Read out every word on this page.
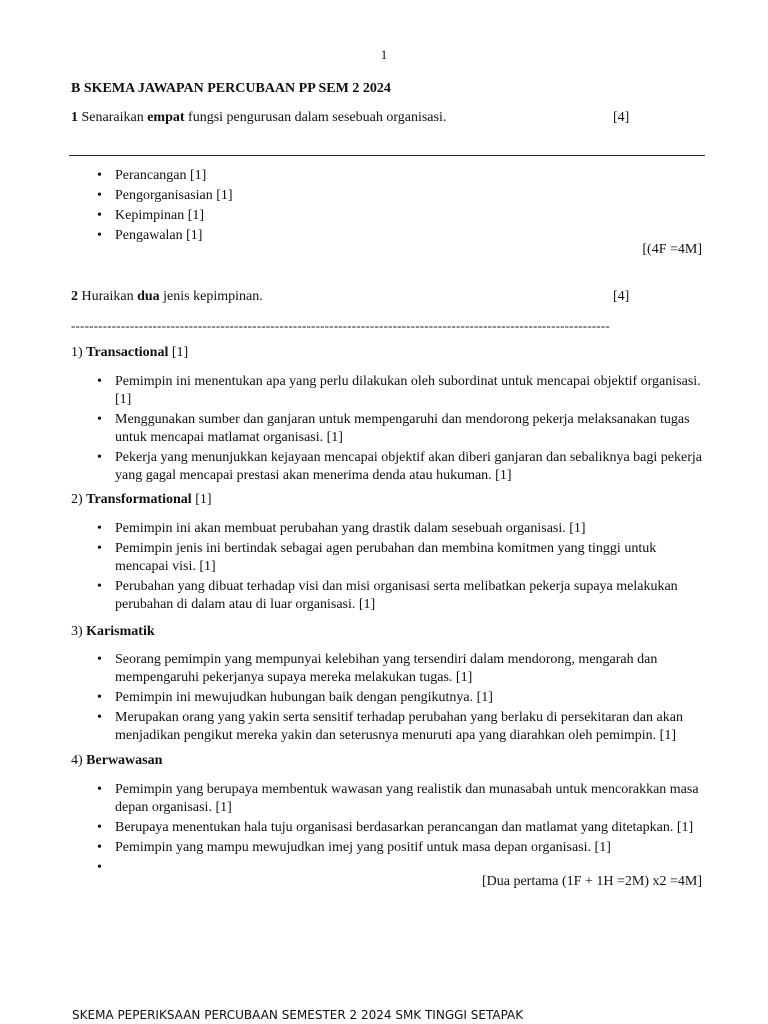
1
B SKEMA JAWAPAN PERCUBAAN PP SEM 2 2024
1 Senaraikan empat fungsi pengurusan dalam sesebuah organisasi.	[4]
• Perancangan [1]
• Pengorganisasian [1]
• Kepimpinan [1]
• Pengawalan [1]
[(4F =4M]
2 Huraikan dua jenis kepimpinan.	[4]
-----------------------------------------------------------------------------------------------------------------------
1) Transactional [1]
• Pemimpin ini menentukan apa yang perlu dilakukan oleh subordinat untuk mencapai objektif organisasi. [1]
• Menggunakan sumber dan ganjaran untuk mempengaruhi dan mendorong pekerja melaksanakan tugas untuk mencapai matlamat organisasi. [1]
• Pekerja yang menunjukkan kejayaan mencapai objektif akan diberi ganjaran dan sebaliknya bagi pekerja yang gagal mencapai prestasi akan menerima denda atau hukuman. [1]
2) Transformational [1]
• Pemimpin ini akan membuat perubahan yang drastik dalam sesebuah organisasi. [1]
• Pemimpin jenis ini bertindak sebagai agen perubahan dan membina komitmen yang tinggi untuk mencapai visi. [1]
• Perubahan yang dibuat terhadap visi dan misi organisasi serta melibatkan pekerja supaya melakukan perubahan di dalam atau di luar organisasi. [1]
3) Karismatik
• Seorang pemimpin yang mempunyai kelebihan yang tersendiri dalam mendorong, mengarah dan mempengaruhi pekerjanya supaya mereka melakukan tugas. [1]
• Pemimpin ini mewujudkan hubungan baik dengan pengikutnya. [1]
• Merupakan orang yang yakin serta sensitif terhadap perubahan yang berlaku di persekitaran dan akan menjadikan pengikut mereka yakin dan seterusnya menuruti apa yang diarahkan oleh pemimpin. [1]
4) Berwawasan
• Pemimpin yang berupaya membentuk wawasan yang realistik dan munasabah untuk mencorakkan masa depan organisasi. [1]
• Berupaya menentukan hala tuju organisasi berdasarkan perancangan dan matlamat yang ditetapkan. [1]
• Pemimpin yang mampu mewujudkan imej yang positif untuk masa depan organisasi. [1]
•
[Dua pertama (1F + 1H =2M) x2 =4M]
SKEMA PEPERIKSAAN PERCUBAAN SEMESTER 2 2024 SMK TINGGI SETAPAK
